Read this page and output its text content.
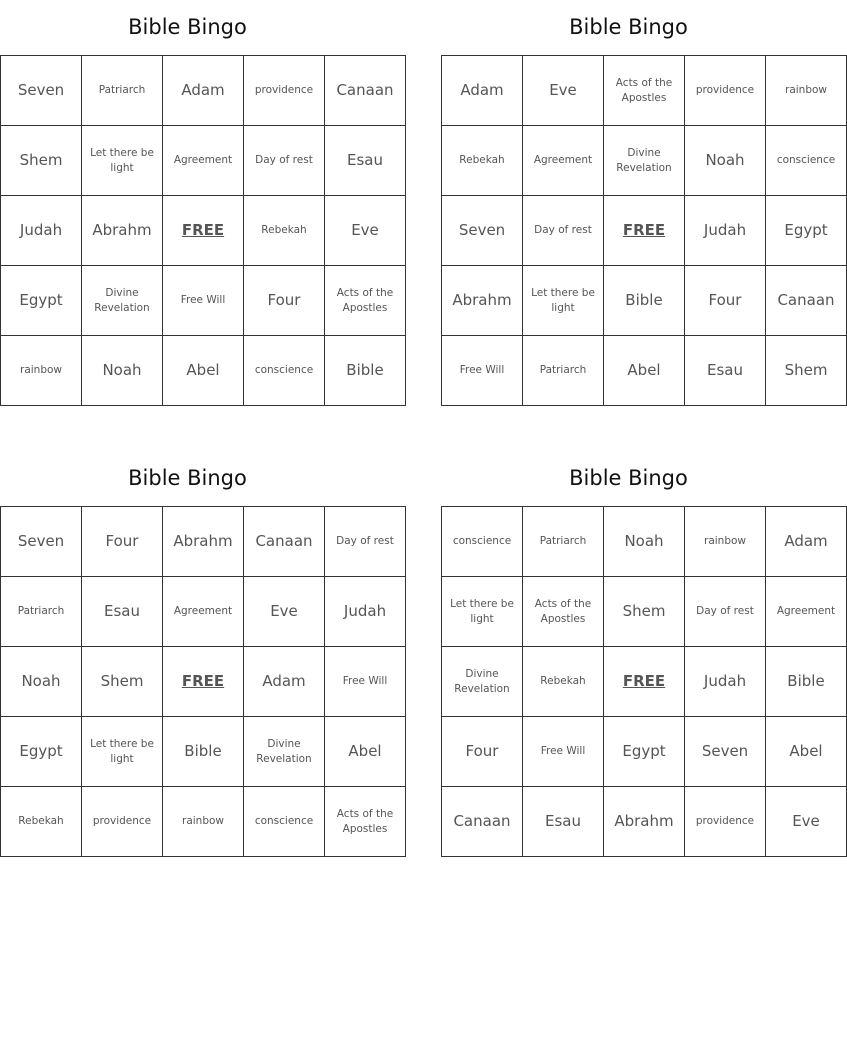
Bible Bingo
Seven	Patriarch	Adam	providence	Canaan
Shem	Let there be light	Agreement	Day of rest	Esau
Judah	Abrahm	FREE	Rebekah	Eve
Egypt	Divine Revelation	Free Will	Four	Acts of the Apostles
rainbow	Noah	Abel	conscience	Bible
Bible Bingo
Adam	Eve	Acts of the Apostles	providence	rainbow
Rebekah	Agreement	Divine Revelation	Noah	conscience
Seven	Day of rest	FREE	Judah	Egypt
Abrahm	Let there be light	Bible	Four	Canaan
Free Will	Patriarch	Abel	Esau	Shem
Bible Bingo
Seven	Four	Abrahm	Canaan	Day of rest
Patriarch	Esau	Agreement	Eve	Judah
Noah	Shem	FREE	Adam	Free Will
Egypt	Let there be light	Bible	Divine Revelation	Abel
Rebekah	providence	rainbow	conscience	Acts of the Apostles
Bible Bingo
conscience	Patriarch	Noah	rainbow	Adam
Let there be light	Acts of the Apostles	Shem	Day of rest	Agreement
Divine Revelation	Rebekah	FREE	Judah	Bible
Four	Free Will	Egypt	Seven	Abel
Canaan	Esau	Abrahm	providence	Eve
